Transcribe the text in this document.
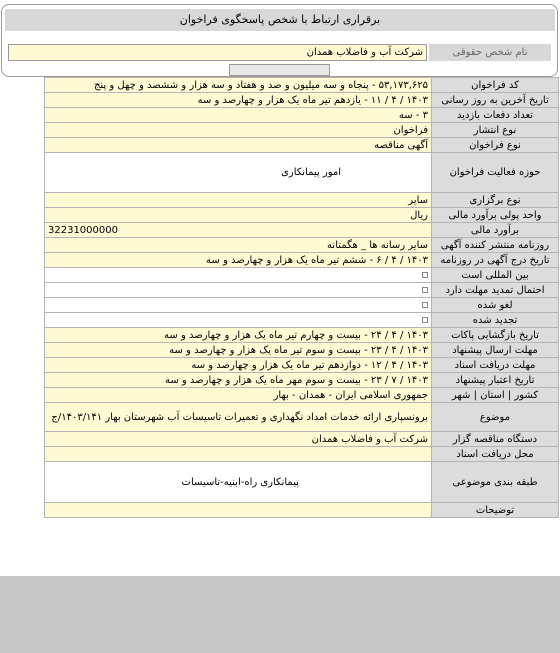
برقراری ارتباط با شخص پاسخگوی فراخوان
نام شخص حقوقی
شرکت آب و فاضلاب همدان
کد فراخوان	۵۳,۱۷۳,۶۲۵ - پنجاه و سه میلیون و صد و هفتاد و سه هزار و ششصد و چهل و پنج
تاریخ آخرین به روز رسانی	۱۴۰۳ / ۴ / ۱۱ - یازدهم تیر ماه یک هزار و چهارصد و سه
تعداد دفعات بازدید	۳ - سه
نوع انتشار	فراخوان
نوع فراخوان	آگهی مناقصه
حوزه فعالیت فراخوان	امور پیمانکاری
نوع برگزاری	سایر
واحد پولی برآورد مالی	ریال
برآورد مالی	32231000000
روزنامه منتشر کننده آگهی	سایر رسانه ها _ هگمتانه
تاریخ درج آگهی در روزنامه	۱۴۰۳ / ۴ / ۶ - ششم تیر ماه یک هزار و چهارصد و سه
بین المللی است	
احتمال تمدید مهلت دارد	
لغو شده	
تجدید شده	
تاریخ بازگشایی پاکات	۱۴۰۳ / ۴ / ۲۴ - بیست و چهارم تیر ماه یک هزار و چهارصد و سه
مهلت ارسال پیشنهاد	۱۴۰۳ / ۴ / ۲۳ - بیست و سوم تیر ماه یک هزار و چهارصد و سه
مهلت دریافت اسناد	۱۴۰۳ / ۴ / ۱۲ - دوازدهم تیر ماه یک هزار و چهارصد و سه
تاریخ اعتبار پیشنهاد	۱۴۰۳ / ۷ / ۲۳ - بیست و سوم مهر ماه یک هزار و چهارصد و سه
کشور | استان | شهر	جمهوری اسلامی ایران - همدان - بهار
موضوع	برونسپاری ارائه خدمات امداد نگهداری و تعمیرات تاسیسات آب شهرستان بهار ۱۴۰۳/۱۴۱/ج
دستگاه مناقصه گزار	شرکت آب و فاضلاب همدان
محل دریافت اسناد	
طبقه بندی موضوعی	پیمانکاری راه-ابنیه-تاسیسات
توضیحات	
